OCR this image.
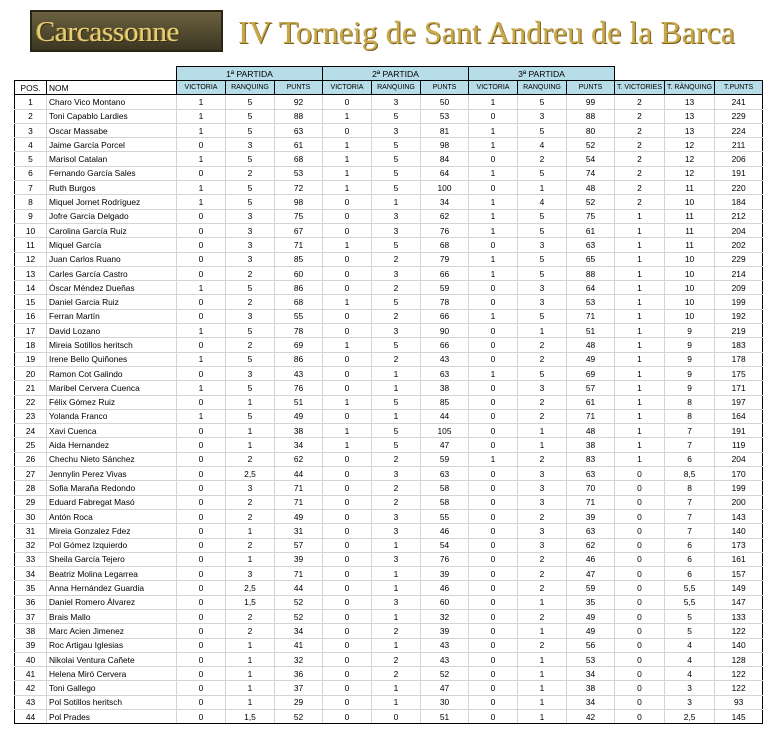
Carcassonne	IV Torneig de Sant Andreu de la Barca
		1ª PARTIDA			2ª PARTIDA			3ª PARTIDA					
POS.	NOM	VICTORIA	RANQUING	PUNTS	VICTORIA	RANQUING	PUNTS	VICTORIA	RANQUING	PUNTS	T. VICTORIES	T. RÀNQUING	T.PUNTS
1	Charo Vico Montano	1	5	92	0	3	50	1	5	99	2	13	241
2	Toni Capablo Lardies	1	5	88	1	5	53	0	3	88	2	13	229
3	Oscar Massabe	1	5	63	0	3	81	1	5	80	2	13	224
4	Jaime García Porcel	0	3	61	1	5	98	1	4	52	2	12	211
5	Marisol Catalan	1	5	68	1	5	84	0	2	54	2	12	206
6	Fernando García Sales	0	2	53	1	5	64	1	5	74	2	12	191
7	Ruth Burgos	1	5	72	1	5	100	0	1	48	2	11	220
8	Miquel Jornet Rodríguez	1	5	98	0	1	34	1	4	52	2	10	184
9	Jofre García Delgado	0	3	75	0	3	62	1	5	75	1	11	212
10	Carolina García Ruiz	0	3	67	0	3	76	1	5	61	1	11	204
11	Miquel García	0	3	71	1	5	68	0	3	63	1	11	202
12	Juan Carlos Ruano	0	3	85	0	2	79	1	5	65	1	10	229
13	Carles García Castro	0	2	60	0	3	66	1	5	88	1	10	214
14	Óscar Méndez Dueñas	1	5	86	0	2	59	0	3	64	1	10	209
15	Daniel Garcia Ruiz	0	2	68	1	5	78	0	3	53	1	10	199
16	Ferran Martín	0	3	55	0	2	66	1	5	71	1	10	192
17	David Lozano	1	5	78	0	3	90	0	1	51	1	9	219
18	Mireia Sotillos heritsch	0	2	69	1	5	66	0	2	48	1	9	183
19	Irene Bello Quiñones	1	5	86	0	2	43	0	2	49	1	9	178
20	Ramon Cot Galindo	0	3	43	0	1	63	1	5	69	1	9	175
21	Maribel Cervera Cuenca	1	5	76	0	1	38	0	3	57	1	9	171
22	Félix Gómez Ruiz	0	1	51	1	5	85	0	2	61	1	8	197
23	Yolanda Franco	1	5	49	0	1	44	0	2	71	1	8	164
24	Xavi Cuenca	0	1	38	1	5	105	0	1	48	1	7	191
25	Aida Hernandez	0	1	34	1	5	47	0	1	38	1	7	119
26	Chechu Nieto Sánchez	0	2	62	0	2	59	1	2	83	1	6	204
27	Jennylin Perez Vivas	0	2,5	44	0	3	63	0	3	63	0	8,5	170
28	Sofia Maraña Redondo	0	3	71	0	2	58	0	3	70	0	8	199
29	Eduard Fabregat Masó	0	2	71	0	2	58	0	3	71	0	7	200
30	Antón Roca	0	2	49	0	3	55	0	2	39	0	7	143
31	Mireia Gonzalez Fdez	0	1	31	0	3	46	0	3	63	0	7	140
32	Pol Gómez Izquierdo	0	2	57	0	1	54	0	3	62	0	6	173
33	Sheila García Tejero	0	1	39	0	3	76	0	2	46	0	6	161
34	Beatriz Molina Legarrea	0	3	71	0	1	39	0	2	47	0	6	157
35	Anna Hernández Guardia	0	2,5	44	0	1	46	0	2	59	0	5,5	149
36	Daniel Romero Álvarez	0	1,5	52	0	3	60	0	1	35	0	5,5	147
37	Brais Mallo	0	2	52	0	1	32	0	2	49	0	5	133
38	Marc Acien Jimenez	0	2	34	0	2	39	0	1	49	0	5	122
39	Roc Artigau Iglesias	0	1	41	0	1	43	0	2	56	0	4	140
40	Nikolai Ventura Cañete	0	1	32	0	2	43	0	1	53	0	4	128
41	Helena Miró Cervera	0	1	36	0	2	52	0	1	34	0	4	122
42	Toni Gallego	0	1	37	0	1	47	0	1	38	0	3	122
43	Pol Sotillos heritsch	0	1	29	0	1	30	0	1	34	0	3	93
44	Pol Prades	0	1,5	52	0	0	51	0	1	42	0	2,5	145
